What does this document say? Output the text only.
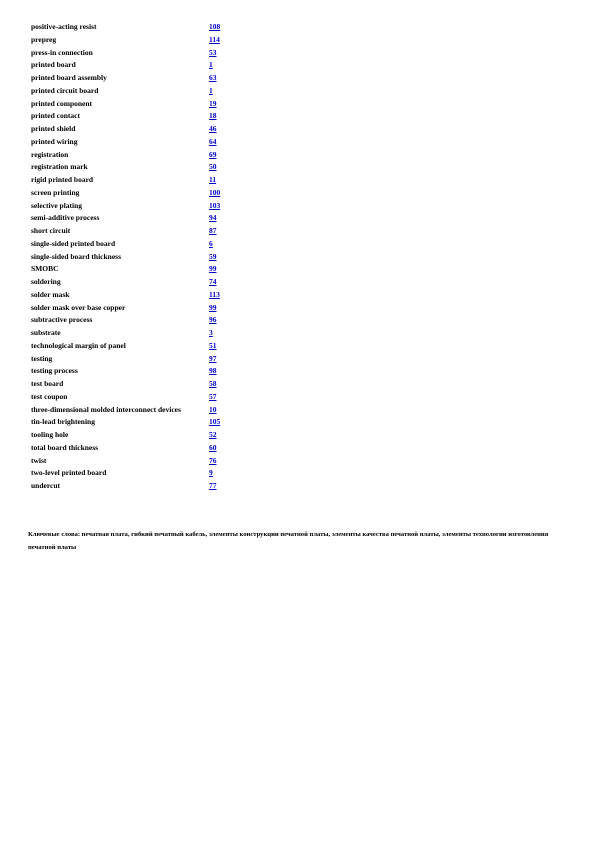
positive-acting resist	108
prepreg	114
press-in connection	53
printed board	1
printed board assembly	63
printed circuit board	1
printed component	19
printed contact	18
printed shield	46
printed wiring	64
registration	69
registration mark	50
rigid printed board	11
screen printing	100
selective plating	103
semi-additive process	94
short circuit	87
single-sided printed board	6
single-sided board thickness	59
SMOBC	99
soldering	74
solder mask	113
solder mask over base copper	99
subtractive process	96
substrate	3
technological margin of panel	51
testing	97
testing process	98
test board	58
test coupon	57
three-dimensional molded interconnect devices	10
tin-lead brightening	105
tooling hole	52
total board thickness	60
twist	76
two-level printed board	9
undercut	77

Ключевые слова: печатная плата, гибкий печатный кабель, элементы конструкции печатной платы, элементы качества печатной платы, элементы технологии изготовления печатной платы
